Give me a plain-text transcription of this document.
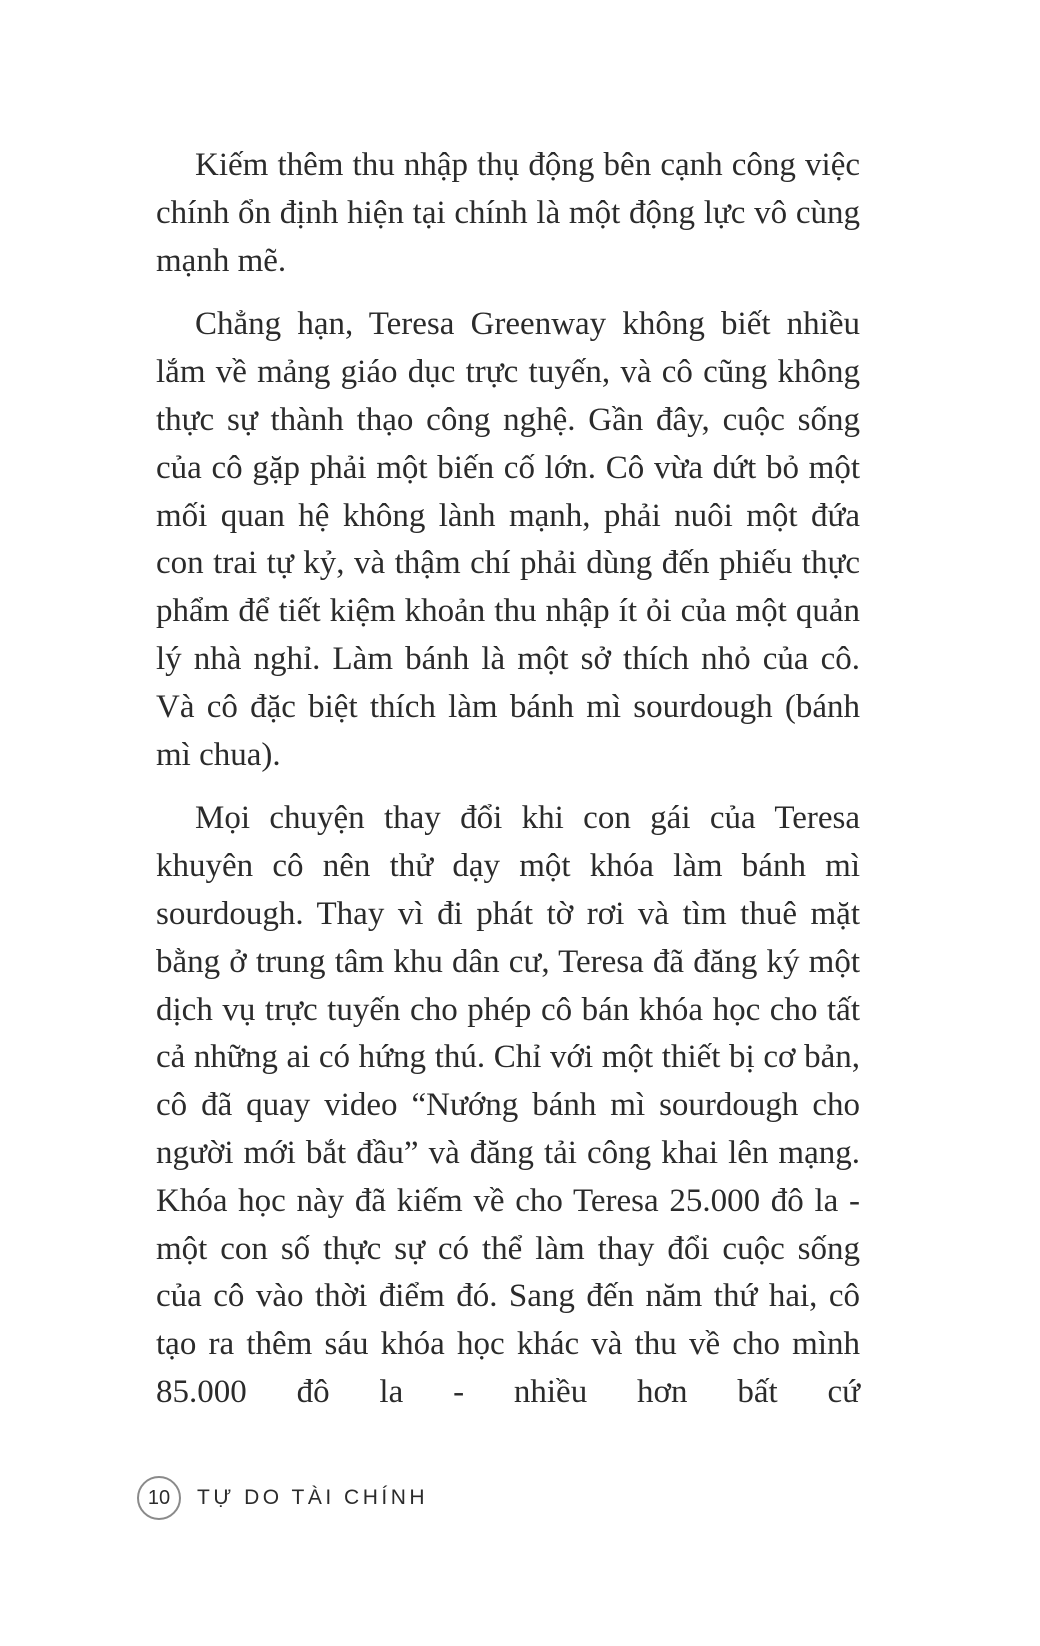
Kiếm thêm thu nhập thụ động bên cạnh công việc chính ổn định hiện tại chính là một động lực vô cùng mạnh mẽ.

Chẳng hạn, Teresa Greenway không biết nhiều lắm về mảng giáo dục trực tuyến, và cô cũng không thực sự thành thạo công nghệ. Gần đây, cuộc sống của cô gặp phải một biến cố lớn. Cô vừa dứt bỏ một mối quan hệ không lành mạnh, phải nuôi một đứa con trai tự kỷ, và thậm chí phải dùng đến phiếu thực phẩm để tiết kiệm khoản thu nhập ít ỏi của một quản lý nhà nghỉ. Làm bánh là một sở thích nhỏ của cô. Và cô đặc biệt thích làm bánh mì sourdough (bánh mì chua).

Mọi chuyện thay đổi khi con gái của Teresa khuyên cô nên thử dạy một khóa làm bánh mì sourdough. Thay vì đi phát tờ rơi và tìm thuê mặt bằng ở trung tâm khu dân cư, Teresa đã đăng ký một dịch vụ trực tuyến cho phép cô bán khóa học cho tất cả những ai có hứng thú. Chỉ với một thiết bị cơ bản, cô đã quay video “Nướng bánh mì sourdough cho người mới bắt đầu” và đăng tải công khai lên mạng. Khóa học này đã kiếm về cho Teresa 25.000 đô la - một con số thực sự có thể làm thay đổi cuộc sống của cô vào thời điểm đó. Sang đến năm thứ hai, cô tạo ra thêm sáu khóa học khác và thu về cho mình 85.000 đô la - nhiều hơn bất cứ

10	TỰ DO TÀI CHÍNH
